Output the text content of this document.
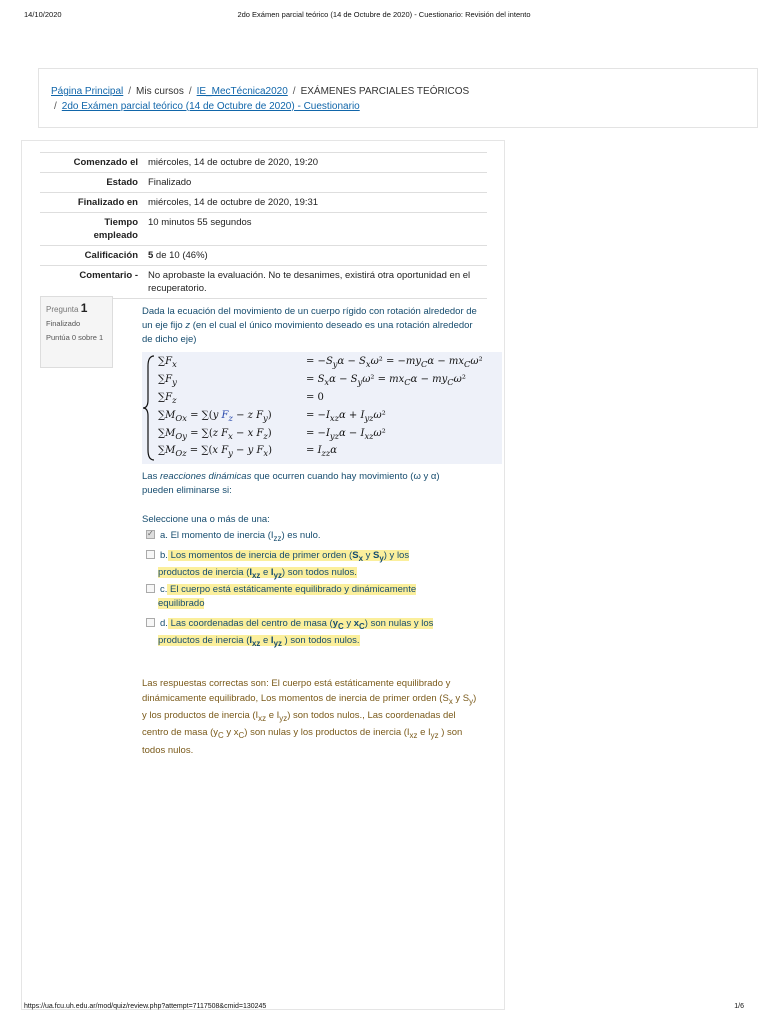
14/10/2020	2do Exámen parcial teórico (14 de Octubre de 2020) - Cuestionario: Revisión del intento
Página Principal / Mis cursos / IE_MecTécnica2020 / EXÁMENES PARCIALES TEÓRICOS
/ 2do Exámen parcial teórico (14 de Octubre de 2020) - Cuestionario
Comenzado el	miércoles, 14 de octubre de 2020, 19:20
Estado	Finalizado
Finalizado en	miércoles, 14 de octubre de 2020, 19:31
Tiempo empleado	10 minutos 55 segundos
Calificación	5 de 10 (46%)
Comentario -	No aprobaste la evaluación. No te desanimes, existirá otra oportunidad en el recuperatorio.
Pregunta 1
Finalizado
Puntúa 0 sobre 1
Dada la ecuación del movimiento de un cuerpo rígido con rotación alrededor de un eje fijo z (en el cual el único movimiento deseado es una rotación alrededor de dicho eje)
$\sum F_x$	= $-S_y\alpha - S_x\omega^2 = -my_C\alpha - mx_C\omega^2$
$\sum F_y$	= $S_x\alpha - S_y\omega^2 = mx_C\alpha - my_C\omega^2$
$\sum F_z$	= 0
$\sum M_{Ox} = \sum(y$ $F_z - z$ $F_y$)	= $-I_{xz}\alpha + I_{yz}\omega^2$
$\sum M_{Oy} = \sum(z$ $F_x - x$ $F_z$)	= $-I_{yz}\alpha - I_{xz}\omega^2$
$\sum M_{Oz} = \sum(x$ $F_y - y$ $F_x$)	= $I_{zz}\alpha$
Las reacciones dinámicas que ocurren cuando hay movimiento (ω y α) pueden eliminarse si:
Seleccione una o más de una:
✓a. El momento de inercia $(I_{zz})$ es nulo.
b. Los momentos de inercia de primer orden ($S_x$ y $S_y$) y los
productos de inercia ($I_{xz}$ e $I_{yz}$) son todos nulos.
c. El cuerpo está estáticamente equilibrado y dinámicamente
equilibrado
d. Las coordenadas del centro de masa ($y_C$ y $x_C$) son nulas y los
productos de inercia ($I_{xz}$ e $I_{yz}$ ) son todos nulos.
Las respuestas correctas son: El cuerpo está estáticamente equilibrado y dinámicamente equilibrado, Los momentos de inercia de primer orden ($S_x$ y $S_y$) y los productos de inercia ($I_{xz}$ e $I_{yz}$) son todos nulos., Las coordenadas del centro de masa ($y_C$ y $x_C$) son nulas y los productos de inercia ($I_{xz}$ e $I_{yz}$ ) son todos nulos.
https://ua.fcu.uh.edu.ar/mod/quiz/review.php?attempt=7117508&cmid=130245	1/6
